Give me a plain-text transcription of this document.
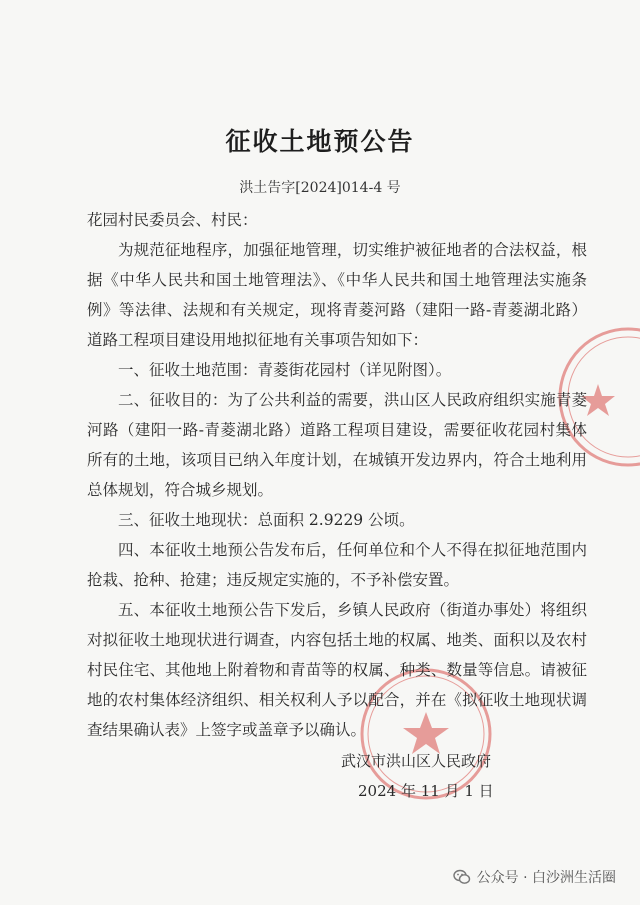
征收土地预公告
洪土告字[2024]014-4 号

花园村民委员会、村民：

为规范征地程序，加强征地管理，切实维护被征地者的合法权益，根据《中华人民共和国土地管理法》、《中华人民共和国土地管理法实施条例》等法律、法规和有关规定，现将青菱河路（建阳一路-青菱湖北路）道路工程项目建设用地拟征地有关事项告知如下：

一、征收土地范围：青菱街花园村（详见附图）。

二、征收目的：为了公共利益的需要，洪山区人民政府组织实施青菱河路（建阳一路-青菱湖北路）道路工程项目建设，需要征收花园村集体所有的土地，该项目已纳入年度计划，在城镇开发边界内，符合土地利用总体规划，符合城乡规划。

三、征收土地现状：总面积 2.9229 公顷。

四、本征收土地预公告发布后，任何单位和个人不得在拟征地范围内抢栽、抢种、抢建；违反规定实施的，不予补偿安置。

五、本征收土地预公告下发后，乡镇人民政府（街道办事处）将组织对拟征收土地现状进行调查，内容包括土地的权属、地类、面积以及农村村民住宅、其他地上附着物和青苗等的权属、种类、数量等信息。请被征地的农村集体经济组织、相关权利人予以配合，并在《拟征收土地现状调查结果确认表》上签字或盖章予以确认。

武汉市洪山区人民政府
2024 年 11 月 1 日
公众号 · 白沙洲生活圈
